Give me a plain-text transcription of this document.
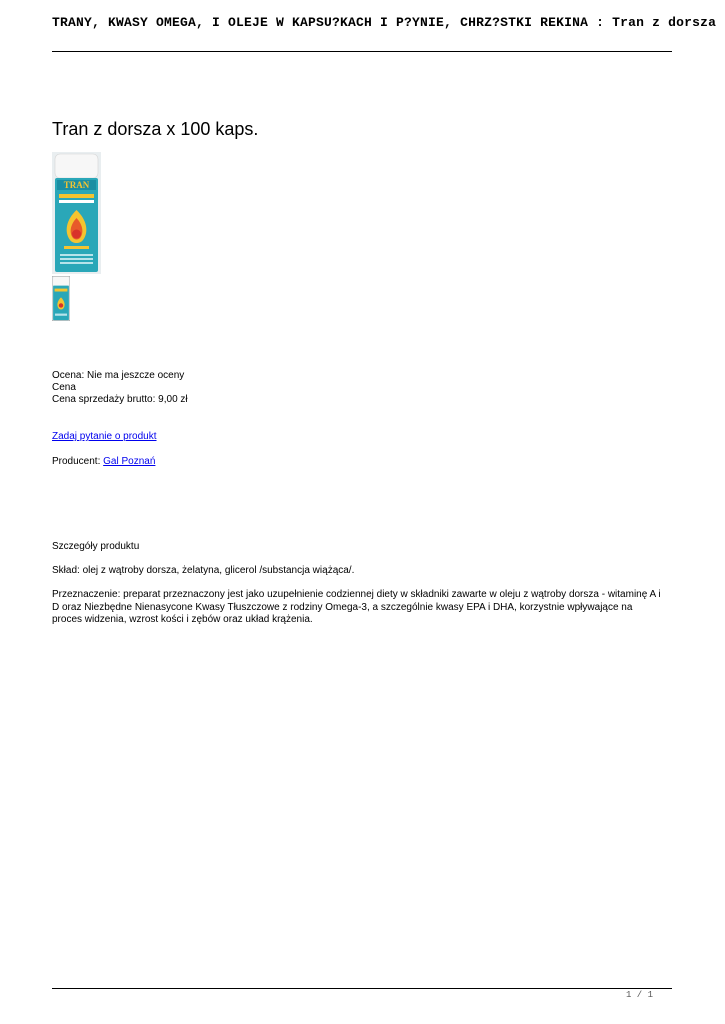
TRANY, KWASY OMEGA, I OLEJE W KAPSU?KACH I P?YNIE, CHRZ?STKI REKINA : Tran z dorsza
Tran z dorsza x 100 kaps.
TRAN
Ocena: Nie ma jeszcze oceny
Cena
Cena sprzedaży brutto: 9,00 zł
Zadaj pytanie o produkt
Producent: Gal Poznań
Szczegóły produktu
Skład: olej z wątroby dorsza, żelatyna, glicerol /substancja wiążąca/.
Przeznaczenie: preparat przeznaczony jest jako uzupełnienie codziennej diety w składniki zawarte w oleju z wątroby dorsza - witaminę A i D oraz Niezbędne Nienasycone Kwasy Tłuszczowe z rodziny Omega-3, a szczególnie kwasy EPA i DHA, korzystnie wpływające na proces widzenia, wzrost kości i zębów oraz układ krążenia.
1 / 1
